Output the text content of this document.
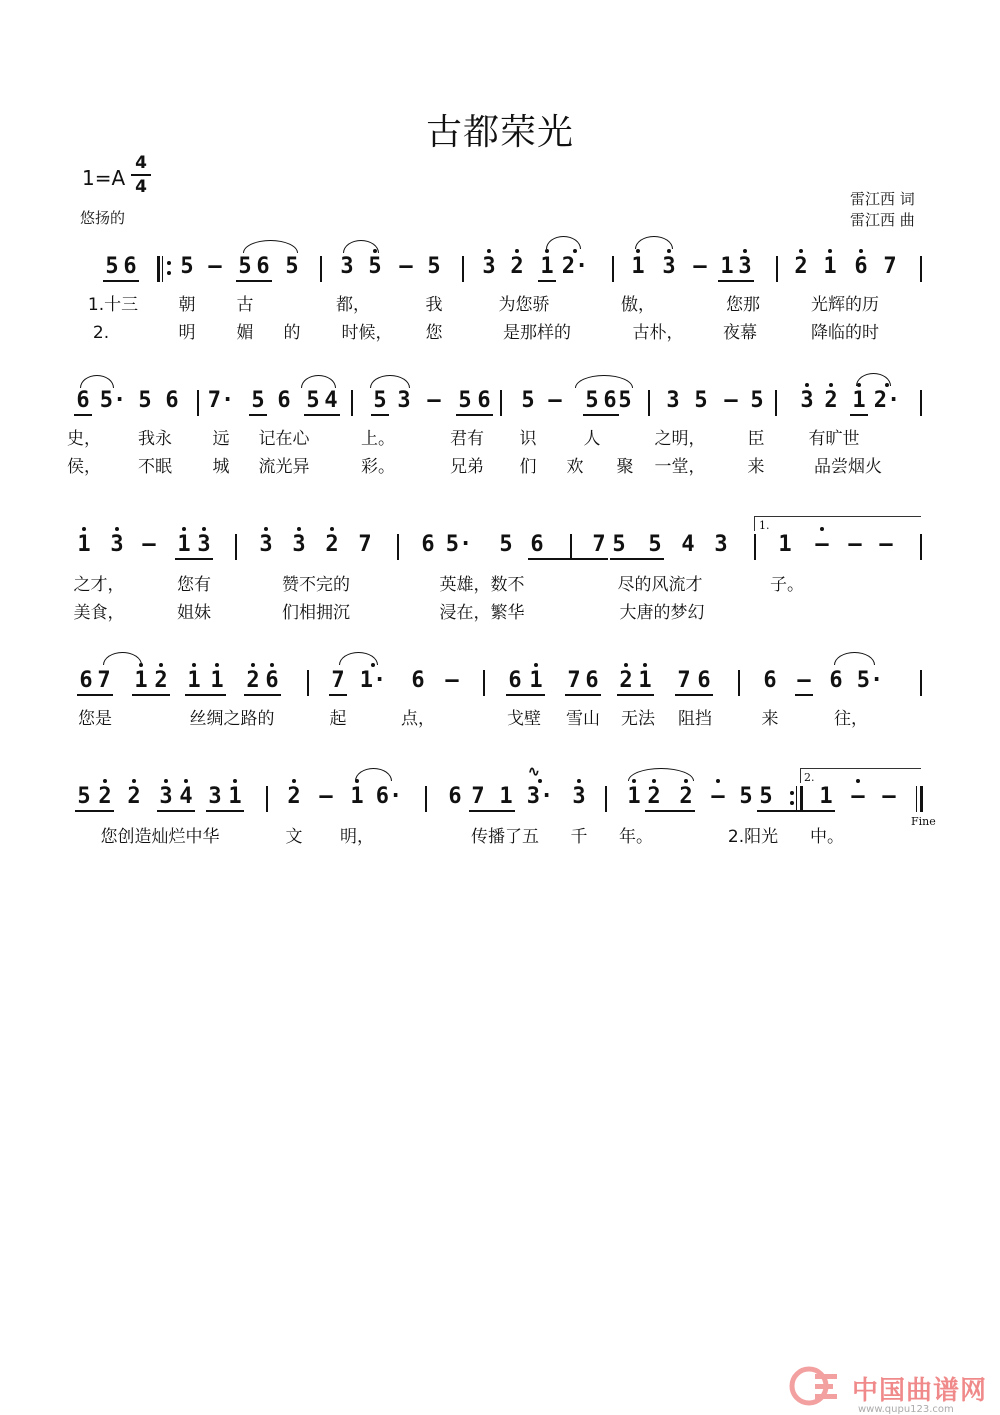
古都荣光
1=A
4
4
悠扬的
雷江西 词
雷江西 曲
5 6 5 – 5 6 5 3 5 – 5 3 2 1 2· 1 3 – 1 3 2 1 6 7
6 5· 5 6 7· 5 6 5 4 5 3 – 5 6 5 – 5 6 5 3 5 – 5 3 2 1 2·
1 3 – 1 3 3 3 2 7 6 5· 5 6 7 5 5 4 3 1 – – –
6 7 1 2 1 1 2 6 7 1· 6 – 6 1 7 6 2 1 7 6 6 – 6 5·
5 2 2 3 4 3 1 2 – 1 6· 6 7 1 3· 3 1 2 2 – 5 5 1 – –
1.
2.
∿
1.十三 朝 古	都，	我	为您骄	傲，	您那	光辉的历
2.	明 媚 的 时候， 您	是那样的	古朴， 夜幕	降临的时
史， 我永 远 记在心	上。	君有 识	人	之明， 臣	有旷世
侯， 不眠 城 流光异	彩。	兄弟 们 欢 聚 一堂， 来	品尝烟火
之才，	您有	赞不完的	英雄，数不	尽的风流才	子。
美食，	姐妹	们相拥沉	浸在，繁华	大唐的梦幻
您是	丝绸之路的	起	点，	戈壁 雪山 无法 阻挡	来	往，
您创造灿烂中华	文 明，	传播了五 千 年。	2.阳光 中。
Fine
中国曲谱网
www.qupu123.com
